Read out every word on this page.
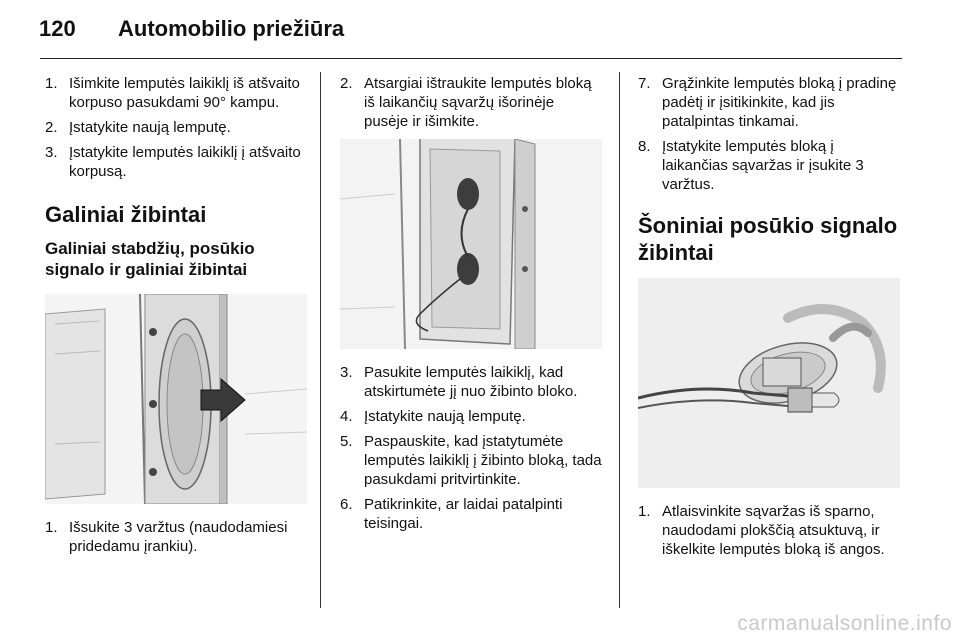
120 Automobilio priežiūra
1. Išimkite lemputės laikiklį iš atšvaito korpuso pasukdami 90° kampu.
2. Įstatykite naują lemputę.
3. Įstatykite lemputės laikiklį į atšvaito korpusą.
Galiniai žibintai
Galiniai stabdžių, posūkio signalo ir galiniai žibintai
1. Išsukite 3 varžtus (naudodamiesi pridedamu įrankiu).
2. Atsargiai ištraukite lemputės bloką iš laikančių sąvaržų išorinėje pusėje ir išimkite.
3. Pasukite lemputės laikiklį, kad atskirtumėte jį nuo žibinto bloko.
4. Įstatykite naują lemputę.
5. Paspauskite, kad įstatytumėte lemputės laikiklį į žibinto bloką, tada pasukdami pritvirtinkite.
6. Patikrinkite, ar laidai patalpinti teisingai.
7. Grąžinkite lemputės bloką į pradinę padėtį ir įsitikinkite, kad jis patalpintas tinkamai.
8. Įstatykite lemputės bloką į laikančias sąvaržas ir įsukite 3 varžtus.
Šoniniai posūkio signalo žibintai
1. Atlaisvinkite sąvaržas iš sparno, naudodami plokščią atsuktuvą, ir iškelkite lemputės bloką iš angos.
carmanualsonline.info
